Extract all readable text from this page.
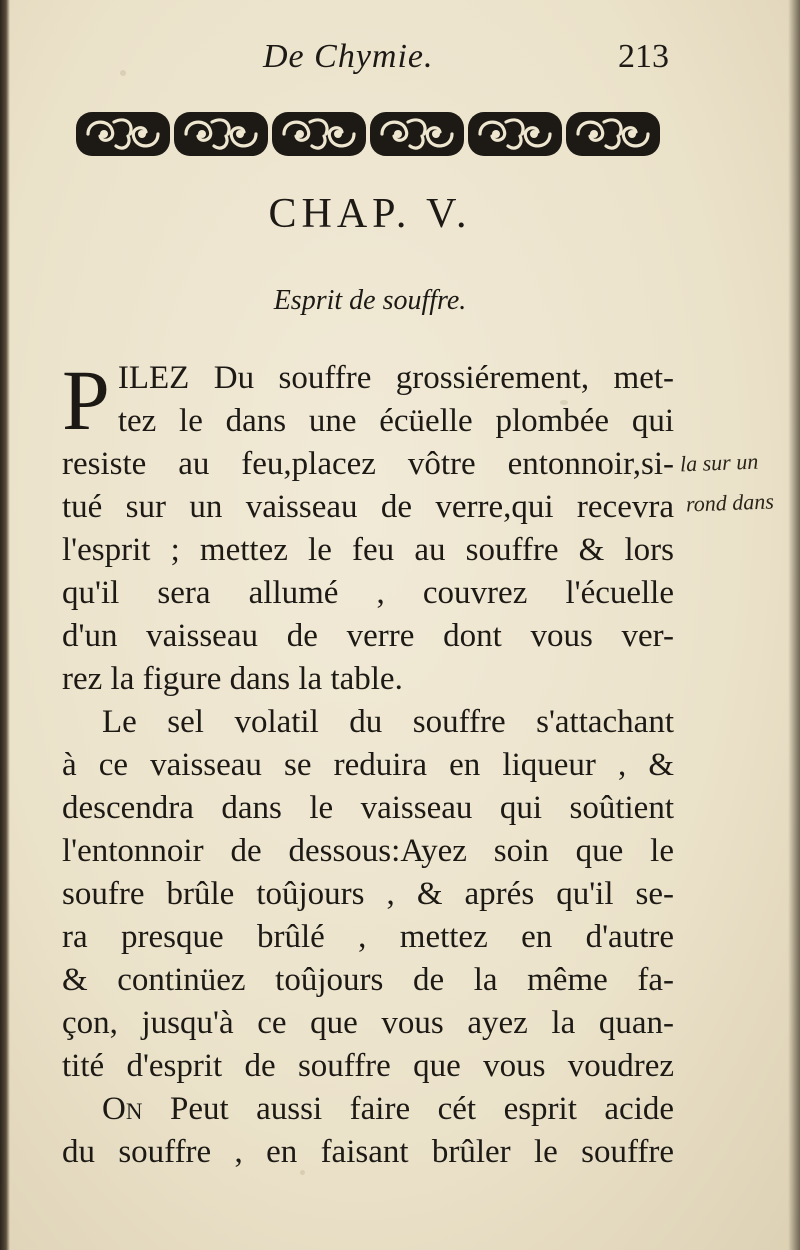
De Chymie.	213
CHAP. V.
Esprit de souffre.
P ILEZ Du souffre grossiérement, met-
tez le dans une écüelle plombée qui
resiste au feu,placez vôtre entonnoir,si-
tué sur un vaisseau de verre,qui recevra
l'esprit ; mettez le feu au souffre & lors
qu'il sera allumé , couvrez l'écuelle
d'un vaisseau de verre dont vous ver-
rez la figure dans la table.
Le sel volatil du souffre s'attachant
à ce vaisseau se reduira en liqueur , &
descendra dans le vaisseau qui soûtient
l'entonnoir de dessous:Ayez soin que le
soufre brûle toûjours , & aprés qu'il se-
ra presque brûlé , mettez en d'autre
& continüez toûjours de la même fa-
çon, jusqu'à ce que vous ayez la quan-
tité d'esprit de souffre que vous voudrez
On Peut aussi faire cét esprit acide
du souffre , en faisant brûler le souffre
la sur un
rond dans
